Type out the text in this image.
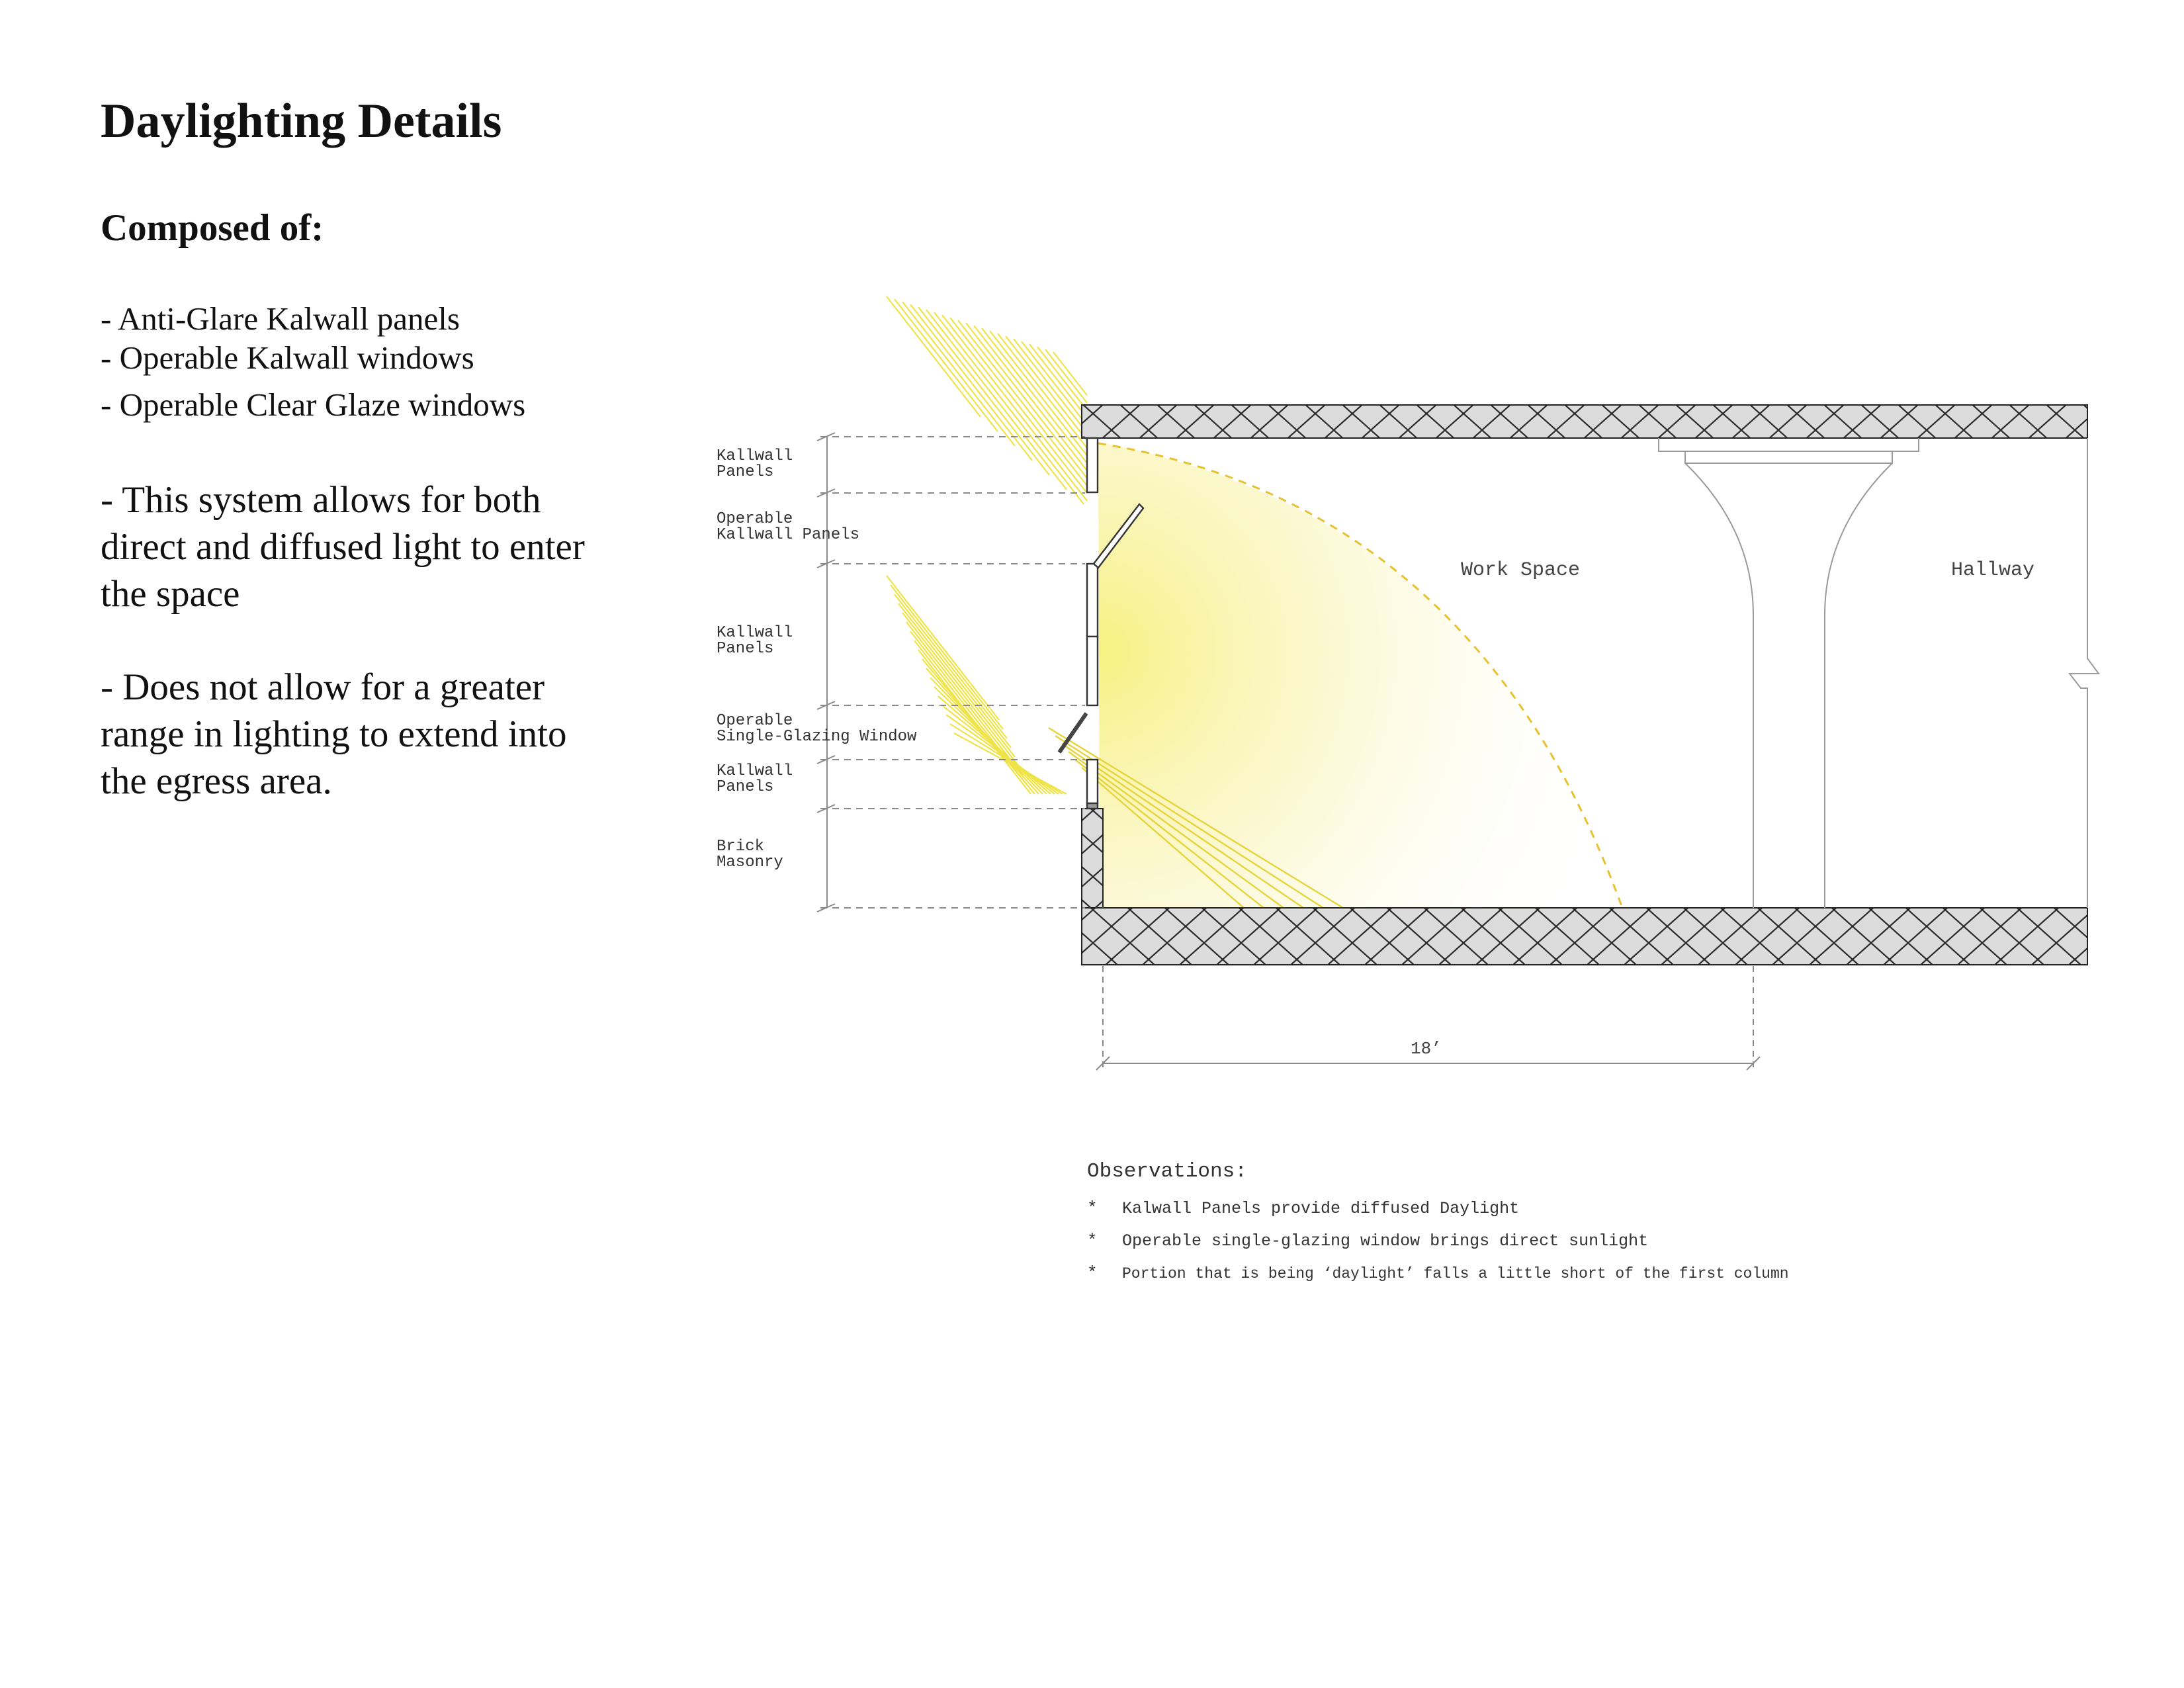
Daylighting Details
Composed of:

- Anti-Glare Kalwall panels

- Operable Kalwall windows

- Operable Clear Glaze windows

- This system allows for both
direct and diffused light to enter
the space
- Does not allow for a greater
range in lighting to extend into
the egress area.
Kallwall
Panels
Operable
Kallwall Panels
Kallwall
Panels
Operable
Single-Glazing Window
Kallwall
Panels
Brick
Masonry
Work Space	Hallway
18’
Observations:
* Kalwall Panels provide diffused Daylight
* Operable single-glazing window brings direct sunlight
* Portion that is being ‘daylight’ falls a little short of the first column
